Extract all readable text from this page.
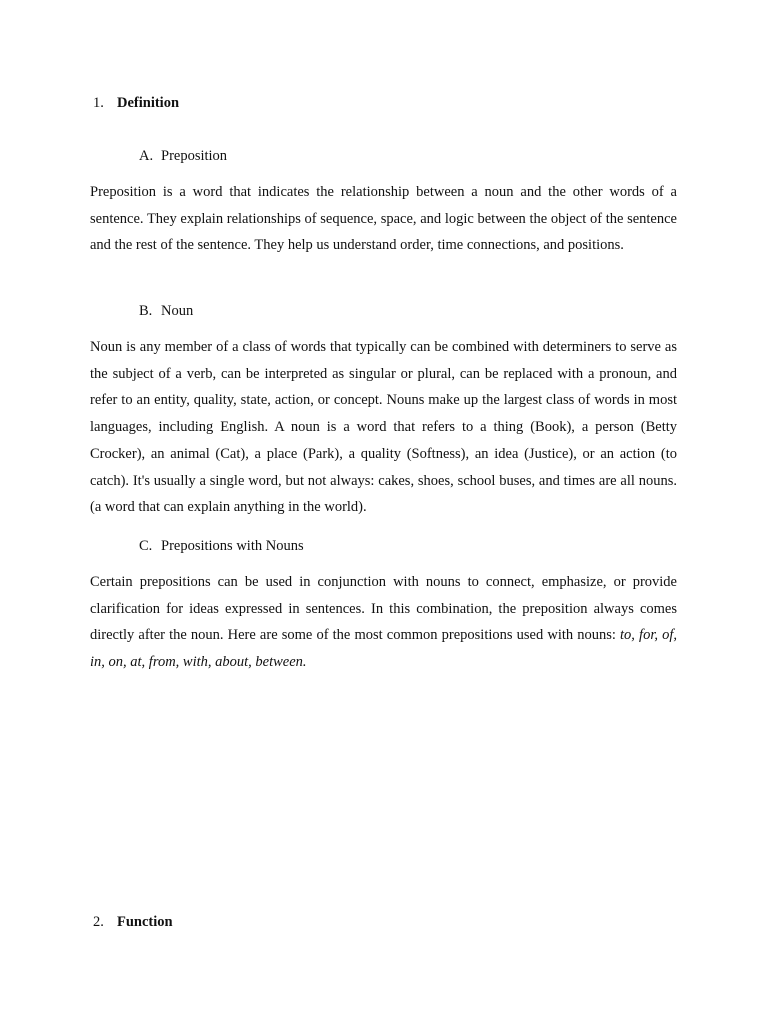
1. Definition
A. Preposition

Preposition is a word that indicates the relationship between a noun and the other words of a sentence. They explain relationships of sequence, space, and logic between the object of the sentence and the rest of the sentence. They help us understand order, time connections, and positions.

B. Noun

Noun is any member of a class of words that typically can be combined with determiners to serve as the subject of a verb, can be interpreted as singular or plural, can be replaced with a pronoun, and refer to an entity, quality, state, action, or concept. Nouns make up the largest class of words in most languages, including English. A noun is a word that refers to a thing (Book), a person (Betty Crocker), an animal (Cat), a place (Park), a quality (Softness), an idea (Justice), or an action (to catch). It's usually a single word, but not always: cakes, shoes, school buses, and times are all nouns. (a word that can explain anything in the world).

C. Prepositions with Nouns

Certain prepositions can be used in conjunction with nouns to connect, emphasize, or provide clarification for ideas expressed in sentences. In this combination, the preposition always comes directly after the noun. Here are some of the most common prepositions used with nouns: to, for, of, in, on, at, from, with, about, between.

2. Function
